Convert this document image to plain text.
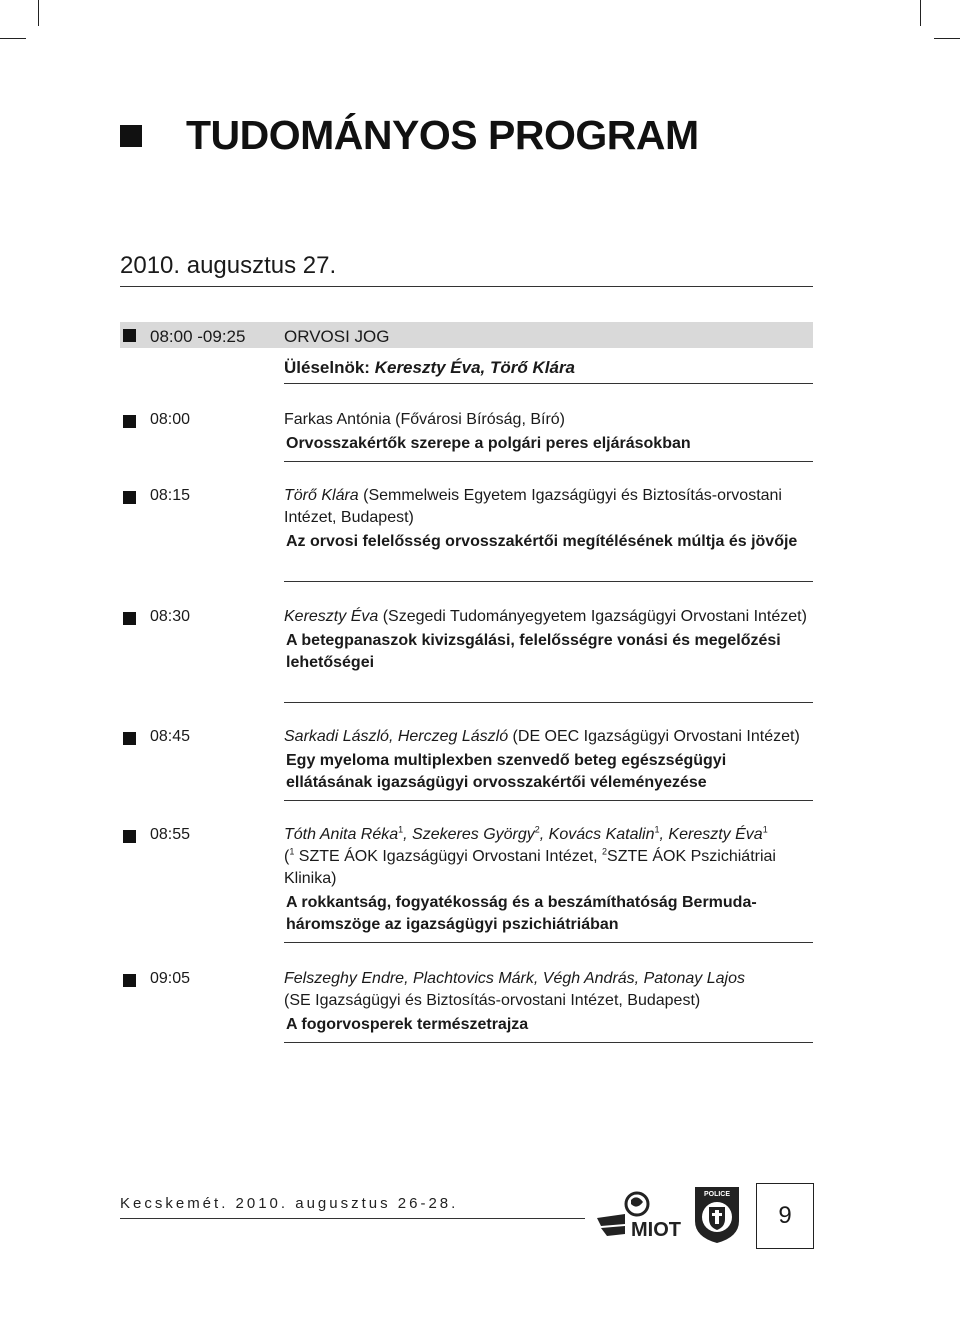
TUDOMÁNYOS PROGRAM
2010. augusztus 27.
08:00 -09:25 ORVOSI JOG
Üléselnök: Kereszty Éva, Törő Klára
08:00	Farkas Antónia (Fővárosi Bíróság, Bíró)
Orvosszakértők szerepe a polgári peres eljárásokban
08:15	Törő Klára (Semmelweis Egyetem Igazságügyi és Biztosítás-orvostani Intézet, Budapest)
Az orvosi felelősség orvosszakértői megítélésének múltja és jövője
08:30	Kereszty Éva (Szegedi Tudományegyetem Igazságügyi Orvostani Intézet)
A betegpanaszok kivizsgálási, felelősségre vonási és megelőzési lehetőségei
08:45	Sarkadi László, Herczeg László (DE OEC Igazságügyi Orvostani Intézet)
Egy myeloma multiplexben szenvedő beteg egészségügyi ellátásának igazságügyi orvosszakértői véleményezése
08:55	Tóth Anita Réka$^1$, Szekeres György$^2$, Kovács Katalin$^1$, Kereszty Éva$^1$
($^1$ SZTE ÁOK Igazságügyi Orvostani Intézet, $^2$SZTE ÁOK Pszichiátriai Klinika)
A rokkantság, fogyatékosság és a beszámíthatóság Bermuda-háromszöge az igazságügyi pszichiátriában
09:05	Felszeghy Endre, Plachtovics Márk, Végh András, Patonay Lajos
(SE Igazságügyi és Biztosítás-orvostani Intézet, Budapest)
A fogorvosperek természetrajza
Kecskemét. 2010. augusztus 26-28.
MIOT
POLICE
9
